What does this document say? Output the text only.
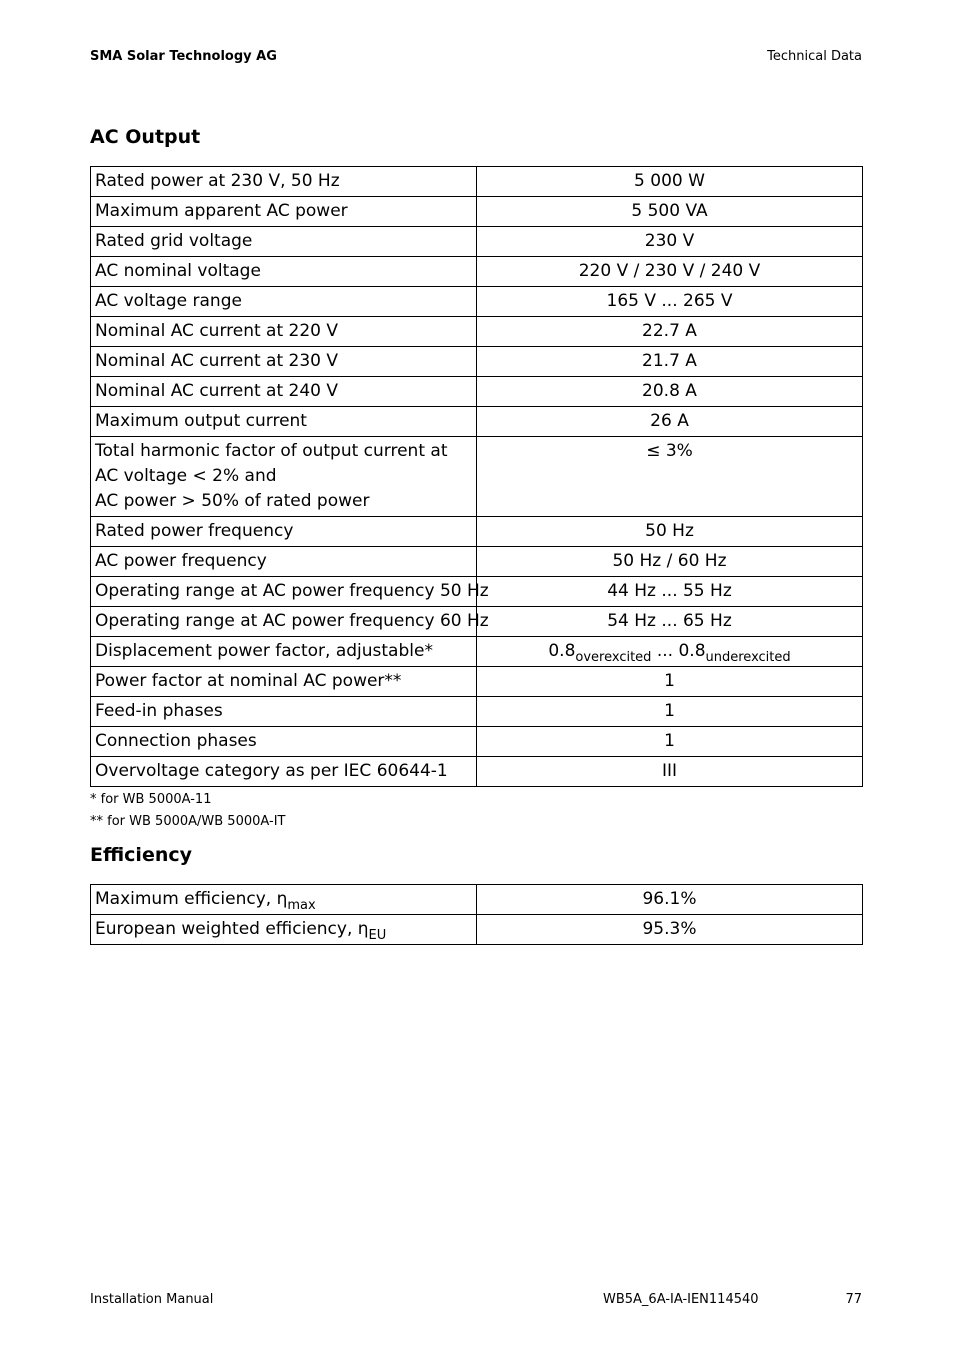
SMA Solar Technology AG	Technical Data
AC Output
Rated power at 230 V, 50 Hz	5 000 W
Maximum apparent AC power	5 500 VA
Rated grid voltage	230 V
AC nominal voltage	220 V / 230 V / 240 V
AC voltage range	165 V ... 265 V
Nominal AC current at 220 V	22.7 A
Nominal AC current at 230 V	21.7 A
Nominal AC current at 240 V	20.8 A
Maximum output current	26 A
Total harmonic factor of output current at
AC voltage < 2% and
AC power > 50% of rated power	≤ 3%
Rated power frequency	50 Hz
AC power frequency	50 Hz / 60 Hz
Operating range at AC power frequency 50 Hz	44 Hz ... 55 Hz
Operating range at AC power frequency 60 Hz	54 Hz ... 65 Hz
Displacement power factor, adjustable*	$0.8_{overexcited}$ ... $0.8_{underexcited}$
Power factor at nominal AC power**	1
Feed-in phases	1
Connection phases	1
Overvoltage category as per IEC 60644-1	III
* for WB 5000A-11
** for WB 5000A/WB 5000A-IT
Efficiency
Maximum efficiency, $\eta_{max}$	96.1%
European weighted efficiency, $\eta_{EU}$	95.3%
Installation Manual	WB5A_6A-IA-IEN114540	77
